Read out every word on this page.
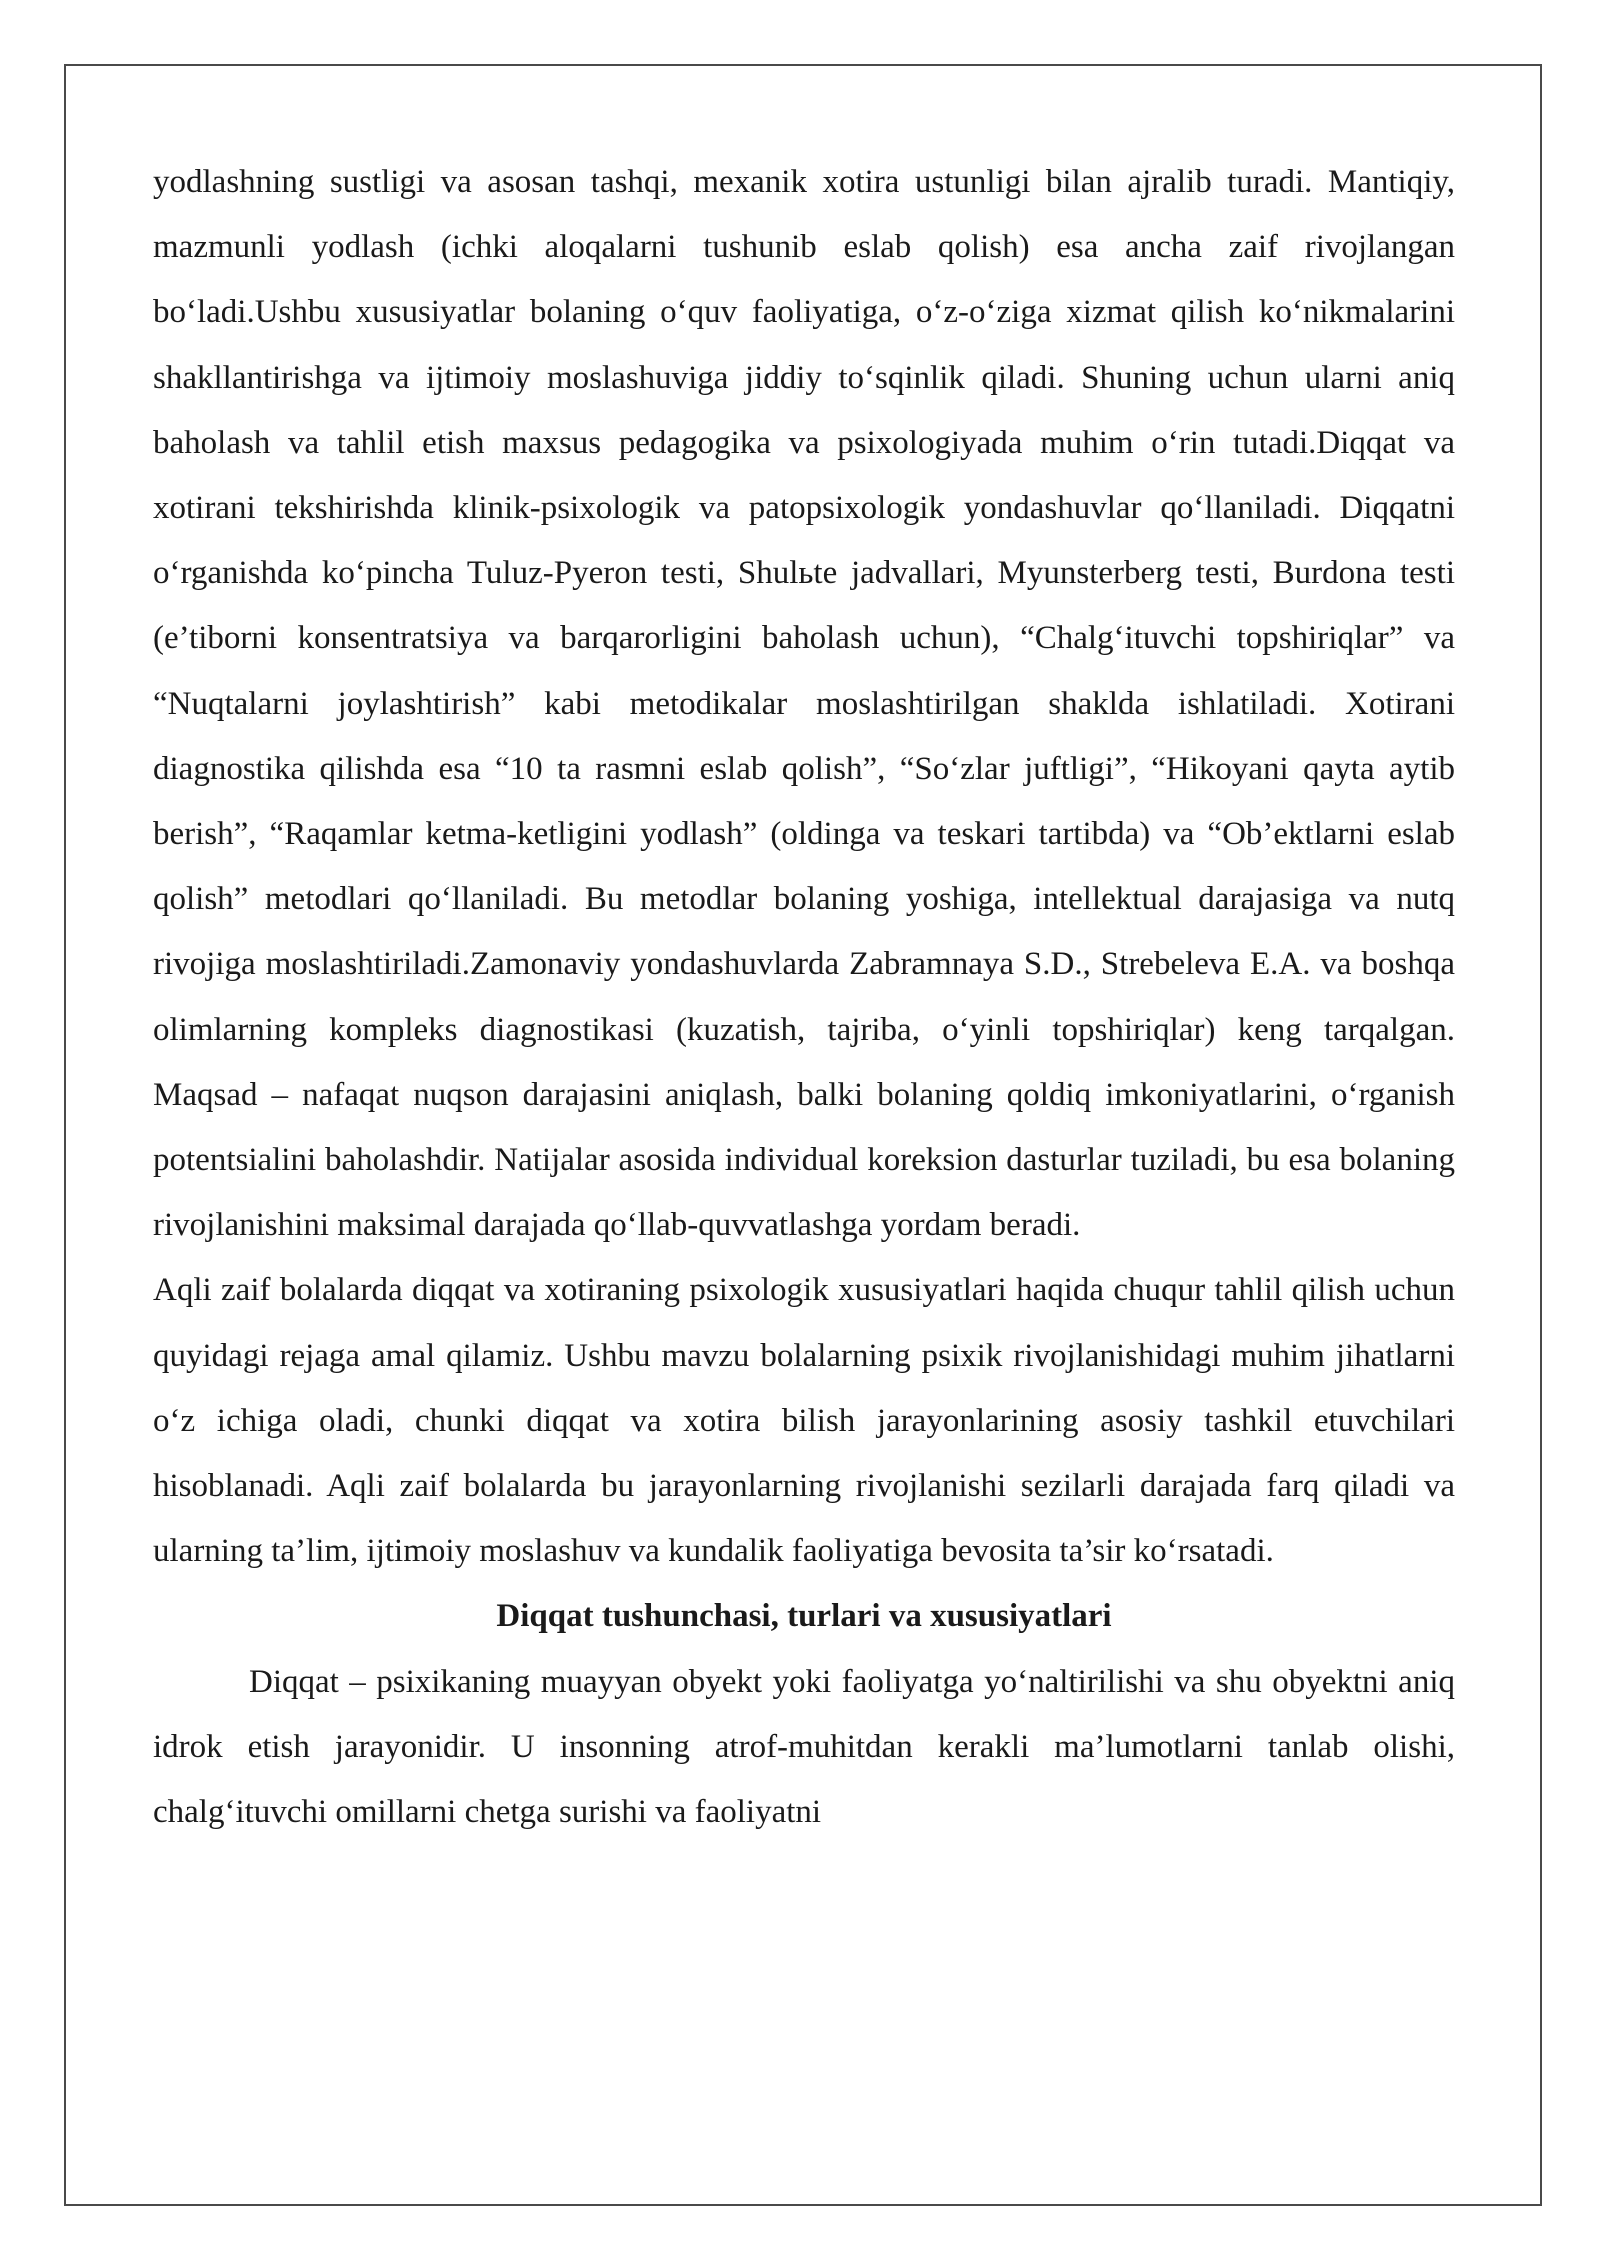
yodlashning sustligi va asosan tashqi, mexanik xotira ustunligi bilan ajralib turadi. Mantiqiy, mazmunli yodlash (ichki aloqalarni tushunib eslab qolish) esa ancha zaif rivojlangan bo‘ladi.Ushbu xususiyatlar bolaning o‘quv faoliyatiga, o‘z-o‘ziga xizmat qilish ko‘nikmalarini shakllantirishga va ijtimoiy moslashuviga jiddiy to‘sqinlik qiladi. Shuning uchun ularni aniq baholash va tahlil etish maxsus pedagogika va psixologiyada muhim o‘rin tutadi.Diqqat va xotirani tekshirishda klinik-psixologik va patopsixologik yondashuvlar qo‘llaniladi. Diqqatni o‘rganishda ko‘pincha Tuluz-Pyeron testi, Shulьte jadvallari, Myunsterberg testi, Burdona testi (e’tiborni konsentratsiya va barqarorligini baholash uchun), “Chalg‘ituvchi topshiriqlar” va “Nuqtalarni joylashtirish” kabi metodikalar moslashtirilgan shaklda ishlatiladi. Xotirani diagnostika qilishda esa “10 ta rasmni eslab qolish”, “So‘zlar juftligi”, “Hikoyani qayta aytib berish”, “Raqamlar ketma-ketligini yodlash” (oldinga va teskari tartibda) va “Ob’ektlarni eslab qolish” metodlari qo‘llaniladi. Bu metodlar bolaning yoshiga, intellektual darajasiga va nutq rivojiga moslashtiriladi.Zamonaviy yondashuvlarda Zabramnaya S.D., Strebeleva E.A. va boshqa olimlarning kompleks diagnostikasi (kuzatish, tajriba, o‘yinli topshiriqlar) keng tarqalgan. Maqsad – nafaqat nuqson darajasini aniqlash, balki bolaning qoldiq imkoniyatlarini, o‘rganish potentsialini baholashdir. Natijalar asosida individual koreksion dasturlar tuziladi, bu esa bolaning rivojlanishini maksimal darajada qo‘llab-quvvatlashga yordam beradi.

Aqli zaif bolalarda diqqat va xotiraning psixologik xususiyatlari haqida chuqur tahlil qilish uchun quyidagi rejaga amal qilamiz. Ushbu mavzu bolalarning psixik rivojlanishidagi muhim jihatlarni o‘z ichiga oladi, chunki diqqat va xotira bilish jarayonlarining asosiy tashkil etuvchilari hisoblanadi. Aqli zaif bolalarda bu jarayonlarning rivojlanishi sezilarli darajada farq qiladi va ularning ta’lim, ijtimoiy moslashuv va kundalik faoliyatiga bevosita ta’sir ko‘rsatadi.

Diqqat tushunchasi, turlari va xususiyatlari

Diqqat – psixikaning muayyan obyekt yoki faoliyatga yo‘naltirilishi va shu obyektni aniq idrok etish jarayonidir. U insonning atrof-muhitdan kerakli ma’lumotlarni tanlab olishi, chalg‘ituvchi omillarni chetga surishi va faoliyatni
